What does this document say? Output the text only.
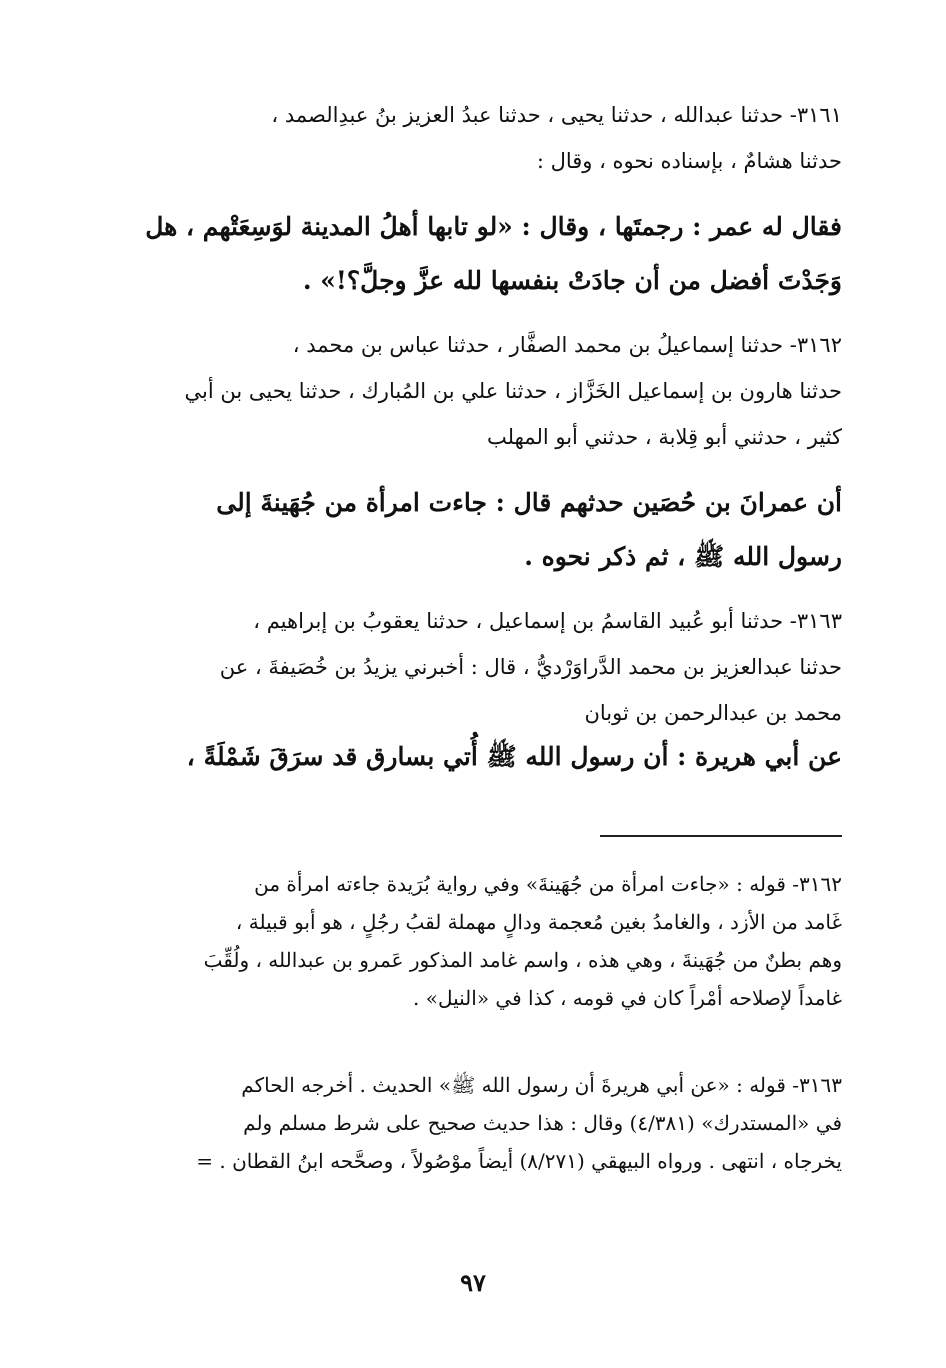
٣١٦١- حدثنا عبدالله ، حدثنا يحيى ، حدثنا عبدُ العزيز بنُ عبدِالصمد ،
حدثنا هشامٌ ، بإسناده نحوه ، وقال :
فقال له عمر : رجمتَها ، وقال : «لو تابها أهلُ المدينة لوَسِعَتْهم ، هل
وَجَدْتَ أفضل من أن جادَتْ بنفسها لله عزَّ وجلَّ؟!» .
٣١٦٢- حدثنا إسماعيلُ بن محمد الصفَّار ، حدثنا عباس بن محمد ،
حدثنا هارون بن إسماعيل الخَزَّاز ، حدثنا علي بن المُبارك ، حدثنا يحيى بن أبي
كثير ، حدثني أبو قِلابة ، حدثني أبو المهلب
أن عمرانَ بن حُصَين حدثهم قال : جاءت امرأة من جُهَينةَ إلى
رسول الله ﷺ ، ثم ذكر نحوه .
٣١٦٣- حدثنا أبو عُبيد القاسمُ بن إسماعيل ، حدثنا يعقوبُ بن إبراهيم ،
حدثنا عبدالعزيز بن محمد الدَّراوَرْديُّ ، قال : أخبرني يزيدُ بن خُصَيفةَ ، عن
محمد بن عبدالرحمن بن ثوبان
عن أبي هريرة : أن رسول الله ﷺ أُتي بسارق قد سرَقَ شَمْلَةً ،
٣١٦٢- قوله : «جاءت امرأة من جُهَينةَ» وفي رواية بُرَيدة جاءته امرأة من
غَامد من الأزد ، والغامدُ بغين مُعجمة ودالٍ مهملة لقبُ رجُلٍ ، هو أبو قبيلة ،
وهم بطنٌ من جُهَينةَ ، وهي هذه ، واسم غامد المذكور عَمرو بن عبدالله ، ولُقِّبَ
غامداً لإصلاحه أمْراً كان في قومه ، كذا في «النيل» .
٣١٦٣- قوله : «عن أبي هريرةَ أن رسول الله ﷺ» الحديث . أخرجه الحاكم
في «المستدرك» (٤/٣٨١) وقال : هذا حديث صحيح على شرط مسلم ولم
يخرجاه ، انتهى . ورواه البيهقي (٨/٢٧١) أيضاً موْصُولاً ، وصحَّحه ابنُ القطان . =
٩٧
